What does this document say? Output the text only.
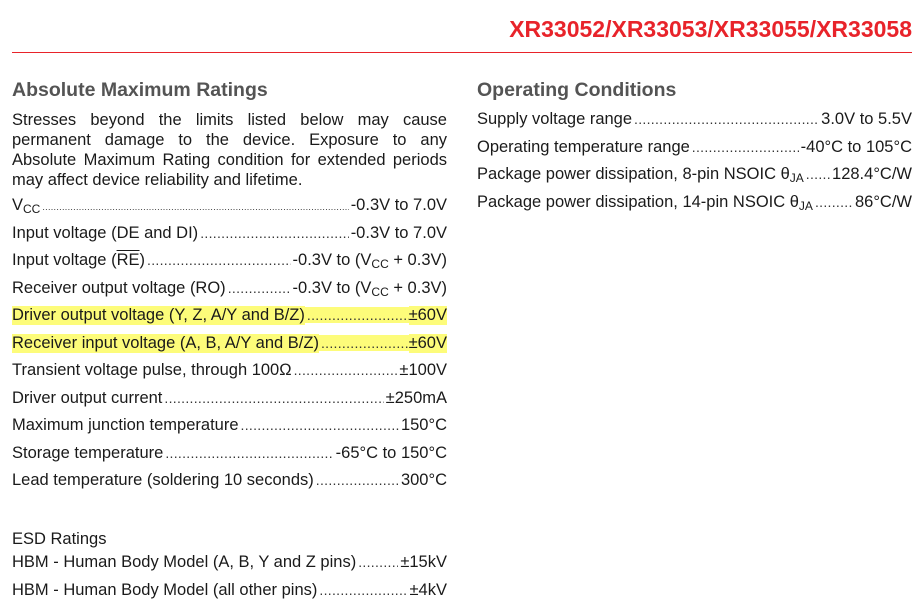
XR33052/XR33053/XR33055/XR33058
Absolute Maximum Ratings
Stresses beyond the limits listed below may cause permanent damage to the device. Exposure to any Absolute Maximum Rating condition for extended periods may affect device reliability and lifetime.
$V_{CC}$ .....	-0.3V to 7.0V
Input voltage (DE and DI) .....	-0.3V to 7.0V
Input voltage $(\overline{RE})$ .....	-0.3V to $(V_{CC} + 0.3V)$
Receiver output voltage (RO) .....	-0.3V to $(V_{CC} + 0.3V)$
Driver output voltage (Y, Z, A/Y and B/Z) .....	±60V
Receiver input voltage (A, B, A/Y and B/Z) .....	±60V
Transient voltage pulse, through 100Ω .....	±100V
Driver output current .....	±250mA
Maximum junction temperature .....	150°C
Storage temperature .....	-65°C to 150°C
Lead temperature (soldering 10 seconds) .....	300°C
ESD Ratings
HBM - Human Body Model (A, B, Y and Z pins) .....	±15kV
HBM - Human Body Model (all other pins) .....	±4kV
Operating Conditions
Supply voltage range .....	3.0V to 5.5V
Operating temperature range .....	-40°C to 105°C
Package power dissipation, 8-pin NSOIC $\theta_{JA}$ ..... 128.4°C/W
Package power dissipation, 14-pin NSOIC $\theta_{JA}$ .....	86°C/W
